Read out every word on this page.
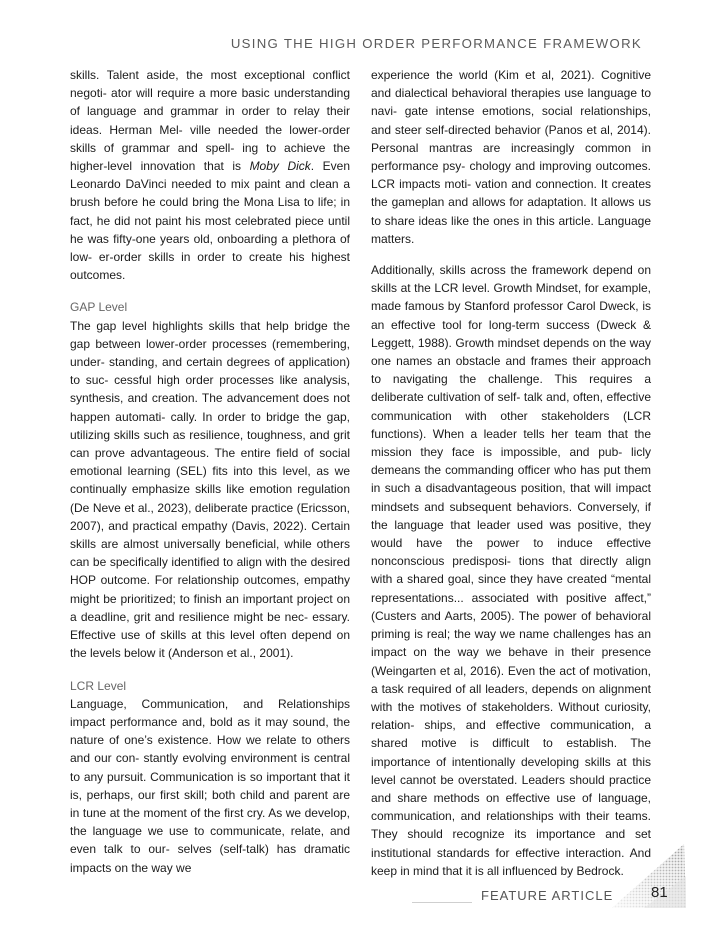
USING THE HIGH ORDER PERFORMANCE FRAMEWORK

skills. Talent aside, the most exceptional conflict negoti- ator will require a more basic understanding of language and grammar in order to relay their ideas. Herman Mel- ville needed the lower-order skills of grammar and spell- ing to achieve the higher-level innovation that is Moby Dick. Even Leonardo DaVinci needed to mix paint and clean a brush before he could bring the Mona Lisa to life; in fact, he did not paint his most celebrated piece until he was fifty-one years old, onboarding a plethora of low- er-order skills in order to create his highest outcomes.

GAP Level

The gap level highlights skills that help bridge the gap between lower-order processes (remembering, under- standing, and certain degrees of application) to suc- cessful high order processes like analysis, synthesis, and creation. The advancement does not happen automati- cally. In order to bridge the gap, utilizing skills such as resilience, toughness, and grit can prove advantageous. The entire field of social emotional learning (SEL) fits into this level, as we continually emphasize skills like emotion regulation (De Neve et al., 2023), deliberate practice (Ericsson, 2007), and practical empathy (Davis, 2022). Certain skills are almost universally beneficial, while others can be specifically identified to align with the desired HOP outcome. For relationship outcomes, empathy might be prioritized; to finish an important project on a deadline, grit and resilience might be nec- essary. Effective use of skills at this level often depend on the levels below it (Anderson et al., 2001).

LCR Level

Language, Communication, and Relationships impact performance and, bold as it may sound, the nature of one’s existence. How we relate to others and our con- stantly evolving environment is central to any pursuit. Communication is so important that it is, perhaps, our first skill; both child and parent are in tune at the moment of the first cry. As we develop, the language we use to communicate, relate, and even talk to our- selves (self-talk) has dramatic impacts on the way we

experience the world (Kim et al, 2021). Cognitive and dialectical behavioral therapies use language to navi- gate intense emotions, social relationships, and steer self-directed behavior (Panos et al, 2014). Personal mantras are increasingly common in performance psy- chology and improving outcomes. LCR impacts moti- vation and connection. It creates the gameplan and allows for adaptation. It allows us to share ideas like the ones in this article. Language matters.

Additionally, skills across the framework depend on skills at the LCR level. Growth Mindset, for example, made famous by Stanford professor Carol Dweck, is an effective tool for long-term success (Dweck & Leggett, 1988). Growth mindset depends on the way one names an obstacle and frames their approach to navigating the challenge. This requires a deliberate cultivation of self- talk and, often, effective communication with other stakeholders (LCR functions). When a leader tells her team that the mission they face is impossible, and pub- licly demeans the commanding officer who has put them in such a disadvantageous position, that will impact mindsets and subsequent behaviors. Conversely, if the language that leader used was positive, they would have the power to induce effective nonconscious predisposi- tions that directly align with a shared goal, since they have created “mental representations... associated with positive affect,” (Custers and Aarts, 2005). The power of behavioral priming is real; the way we name challenges has an impact on the way we behave in their presence (Weingarten et al, 2016). Even the act of motivation, a task required of all leaders, depends on alignment with the motives of stakeholders. Without curiosity, relation- ships, and effective communication, a shared motive is difficult to establish. The importance of intentionally developing skills at this level cannot be overstated. Leaders should practice and share methods on effective use of language, communication, and relationships with their teams. They should recognize its importance and set institutional standards for effective interaction. And keep in mind that it is all influenced by Bedrock.

FEATURE ARTICLE	81
